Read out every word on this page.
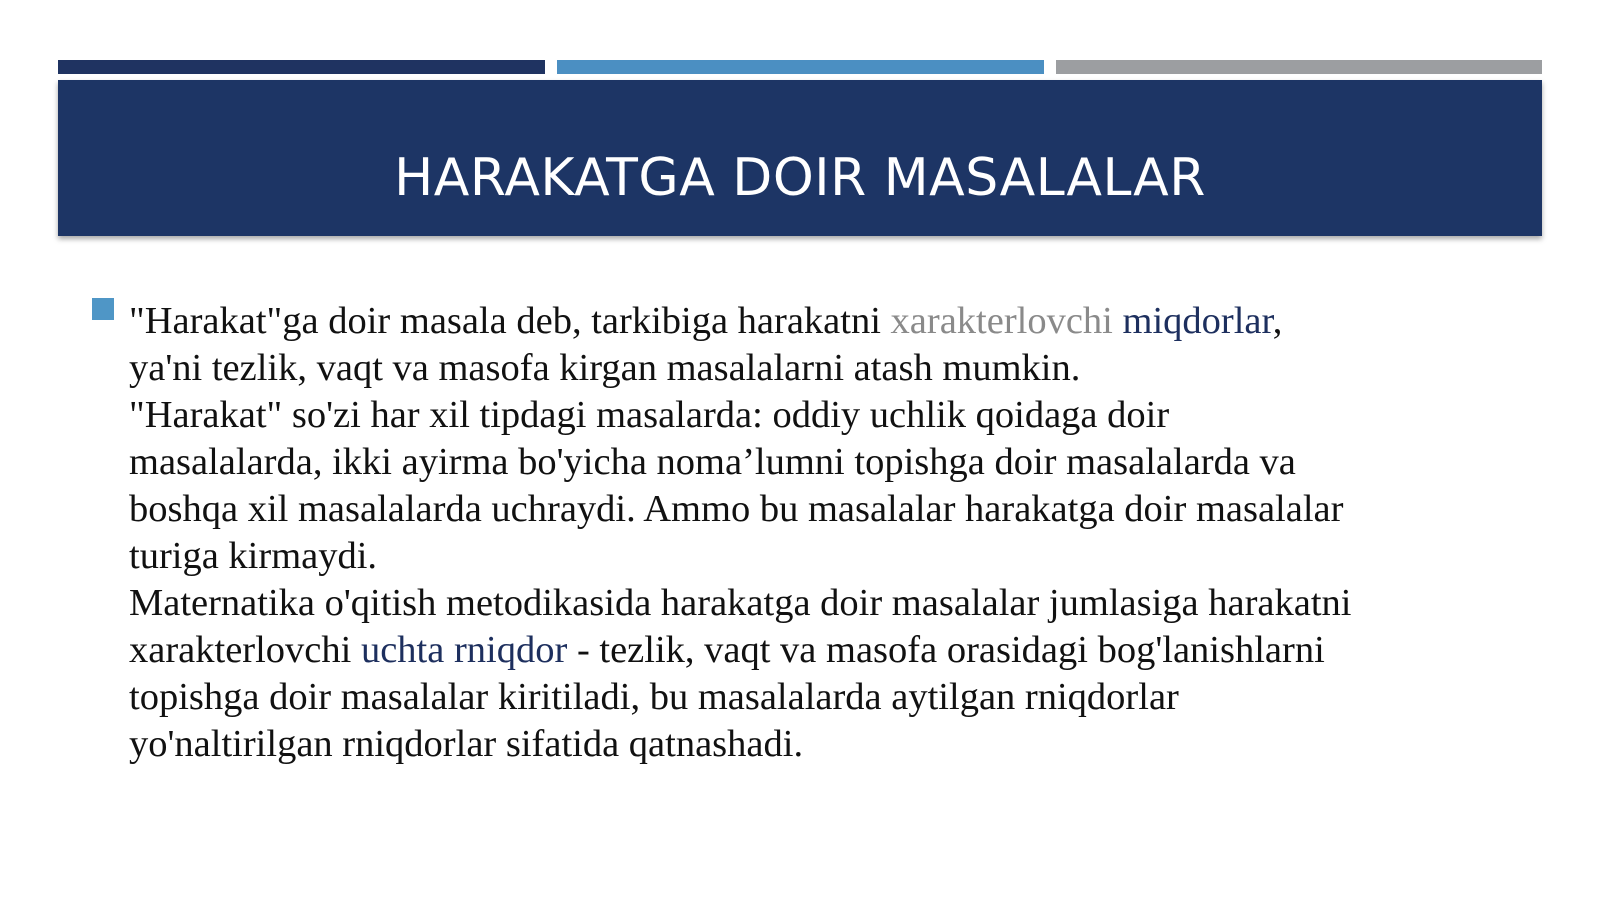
HARAKATGA DOIR MASALALAR
"Harakat"ga doir masala deb, tarkibiga harakatni xarakterlovchi miqdorlar,
ya'ni tezlik, vaqt va masofa kirgan masalalarni atash mumkin.
"Harakat" so'zi har xil tipdagi masalarda: oddiy uchlik qoidaga doir
masalalarda, ikki ayirma bo'yicha noma’lumni topishga doir masalalarda va
boshqa xil masalalarda uchraydi. Ammo bu masalalar harakatga doir masalalar
turiga kirmaydi.
Maternatika o'qitish metodikasida harakatga doir masalalar jumlasiga harakatni
xarakterlovchi uchta rniqdor - tezlik, vaqt va masofa orasidagi bog'lanishlarni
topishga doir masalalar kiritiladi, bu masalalarda aytilgan rniqdorlar
yo'naltirilgan rniqdorlar sifatida qatnashadi.
